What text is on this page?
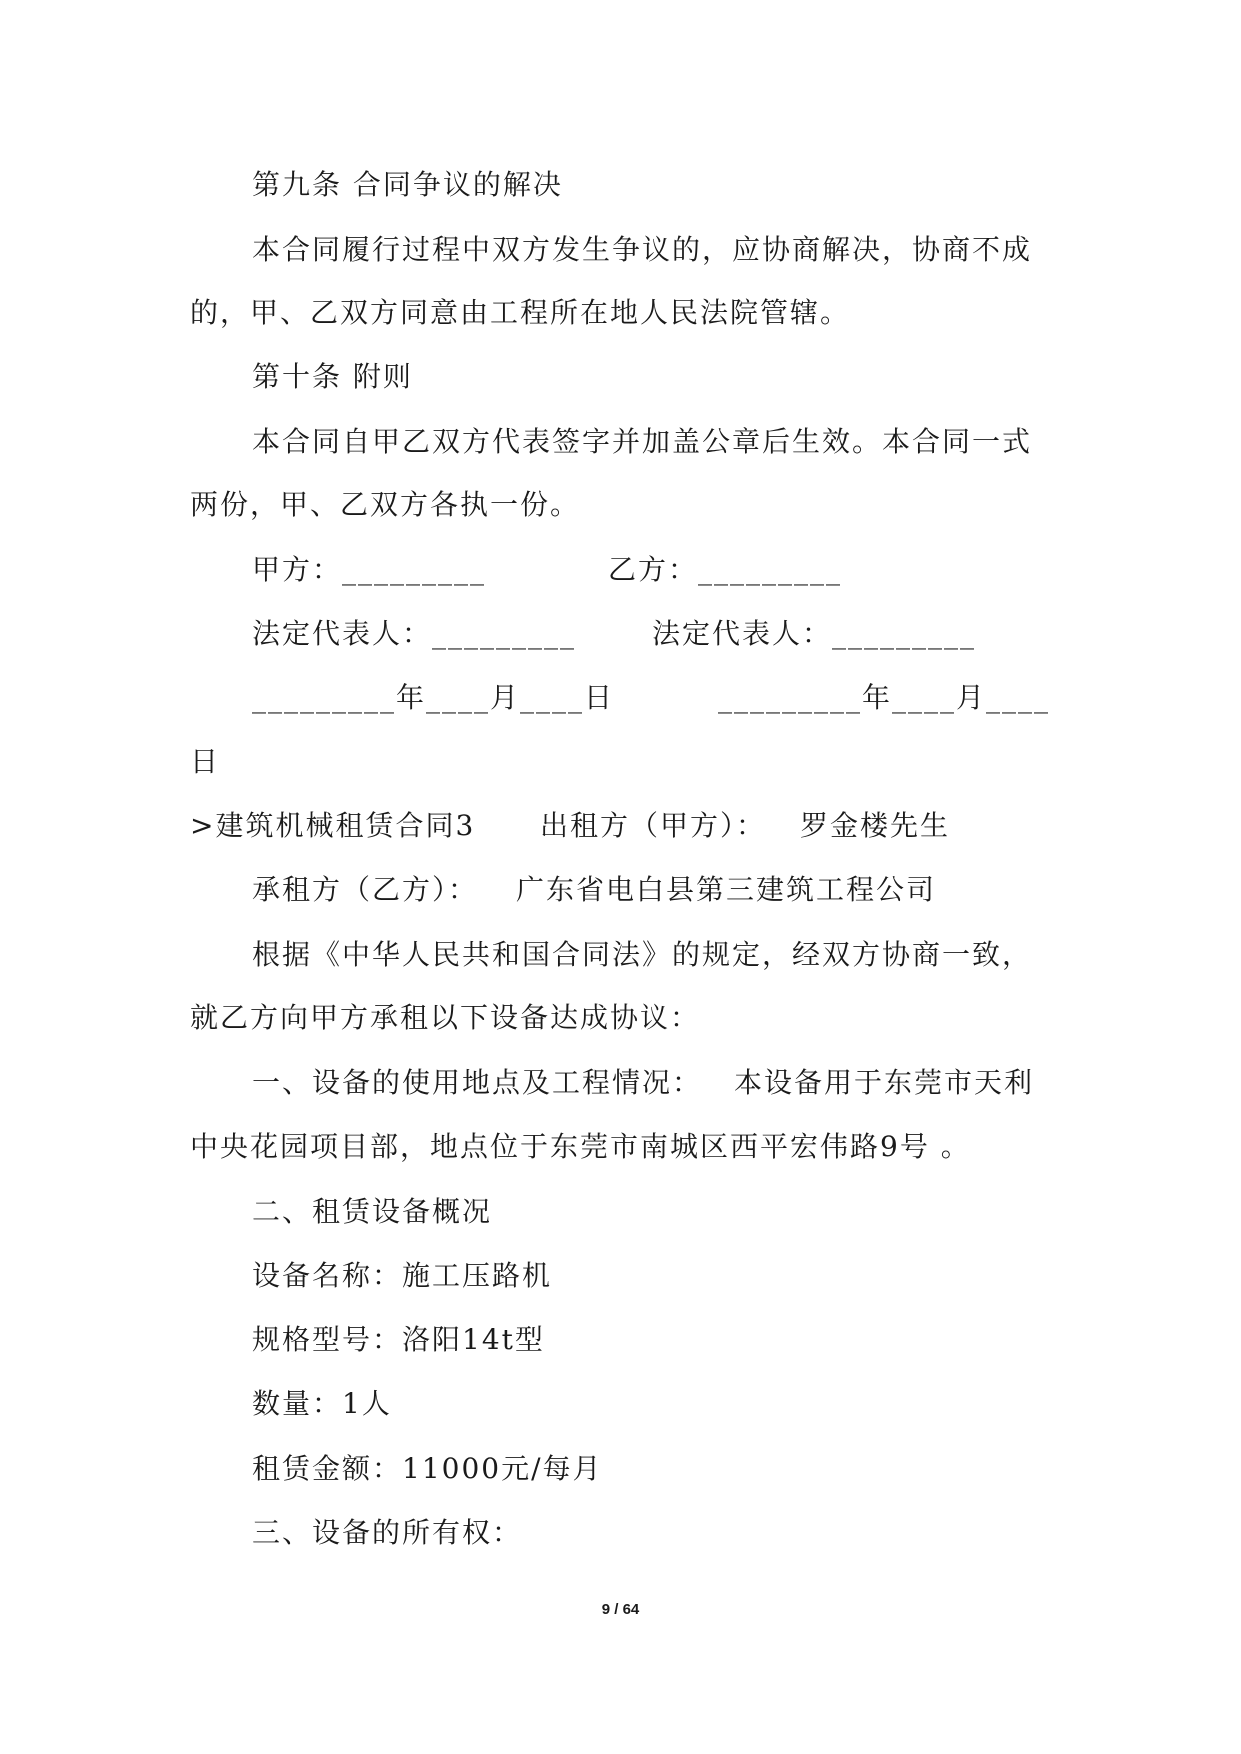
第九条 合同争议的解决
本合同履行过程中双方发生争议的，应协商解决，协商不成
的，甲、乙双方同意由工程所在地人民法院管辖。
第十条 附则
本合同自甲乙双方代表签字并加盖公章后生效。本合同一式
两份，甲、乙双方各执一份。
甲方：_________	乙方：_________
法定代表人：_________	法定代表人：_________
_________年____月____日	_________年____月____
日
>建筑机械租赁合同3 出租方（甲方）： 罗金楼先生
承租方（乙方）： 广东省电白县第三建筑工程公司
根据《中华人民共和国合同法》的规定，经双方协商一致，
就乙方向甲方承租以下设备达成协议：
一、设备的使用地点及工程情况： 本设备用于东莞市天利
中央花园项目部，地点位于东莞市南城区西平宏伟路9号 。
二、租赁设备概况
设备名称：施工压路机
规格型号：洛阳14t型
数量：1人
租赁金额：11000元/每月
三、设备的所有权：
9 / 64
